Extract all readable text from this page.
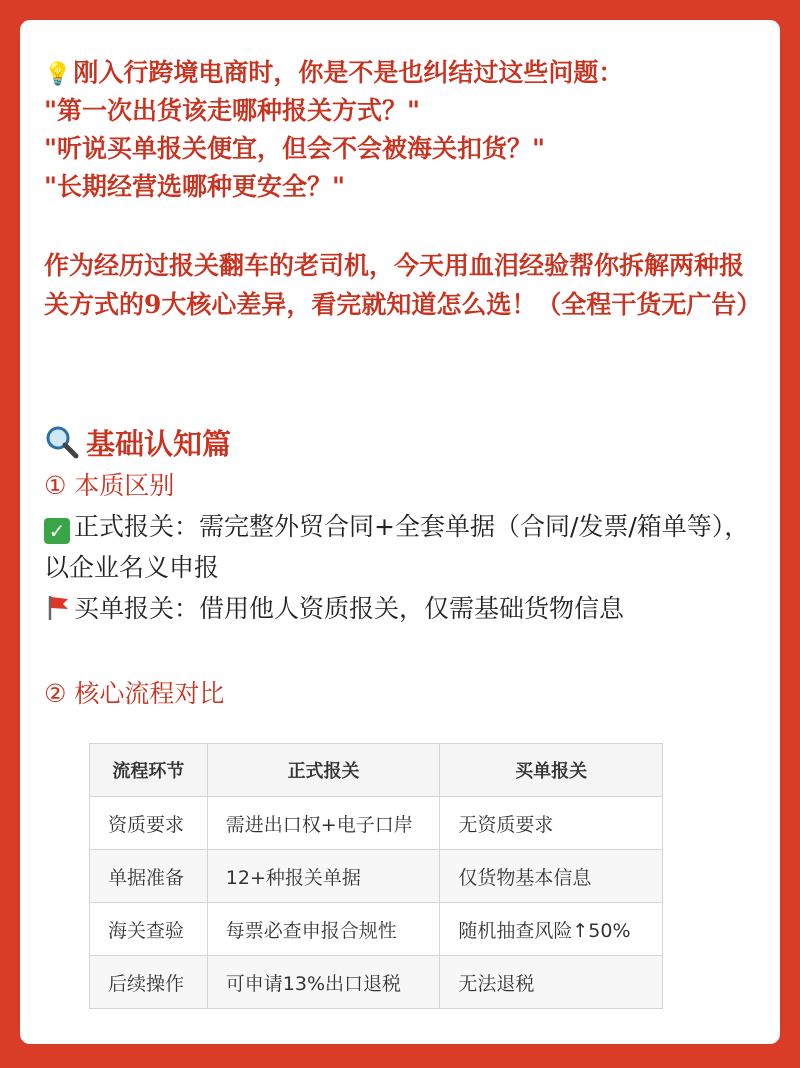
💡刚入行跨境电商时，你是不是也纠结过这些问题：
"第一次出货该走哪种报关方式？"
"听说买单报关便宜，但会不会被海关扣货？"
"长期经营选哪种更安全？"
作为经历过报关翻车的老司机，今天用血泪经验帮你拆解两种报关方式的9大核心差异，看完就知道怎么选！（全程干货无广告）
基础认知篇
① 本质区别
✓ 正式报关：需完整外贸合同+全套单据（合同/发票/箱单等），以企业名义申报
买单报关：借用他人资质报关，仅需基础货物信息
② 核心流程对比
流程环节	正式报关	买单报关
资质要求	需进出口权+电子口岸	无资质要求
单据准备	12+种报关单据	仅货物基本信息
海关查验	每票必查申报合规性	随机抽查风险↑50%
后续操作	可申请13%出口退税	无法退税
